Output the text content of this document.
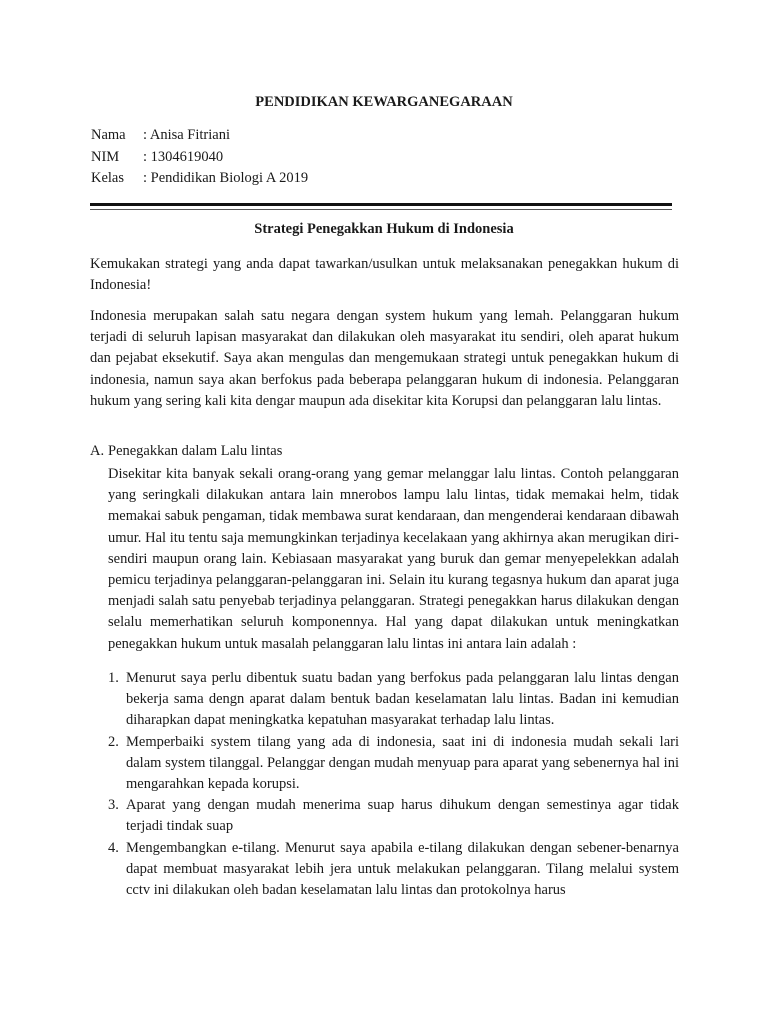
PENDIDIKAN KEWARGANEGARAAN
Nama : Anisa Fitriani
NIM : 1304619040
Kelas : Pendidikan Biologi A 2019
Strategi Penegakkan Hukum di Indonesia

Kemukakan strategi yang anda dapat tawarkan/usulkan untuk melaksanakan penegakkan hukum di Indonesia!

Indonesia merupakan salah satu negara dengan system hukum yang lemah. Pelanggaran hukum terjadi di seluruh lapisan masyarakat dan dilakukan oleh masyarakat itu sendiri, oleh aparat hukum dan pejabat eksekutif. Saya akan mengulas dan mengemukaan strategi untuk penegakkan hukum di indonesia, namun saya akan berfokus pada beberapa pelanggaran hukum di indonesia. Pelanggaran hukum yang sering kali kita dengar maupun ada disekitar kita Korupsi dan pelanggaran lalu lintas.

A. Penegakkan dalam Lalu lintas

Disekitar kita banyak sekali orang-orang yang gemar melanggar lalu lintas. Contoh pelanggaran yang seringkali dilakukan antara lain mnerobos lampu lalu lintas, tidak memakai helm, tidak memakai sabuk pengaman, tidak membawa surat kendaraan, dan mengenderai kendaraan dibawah umur. Hal itu tentu saja memungkinkan terjadinya kecelakaan yang akhirnya akan merugikan diri-sendiri maupun orang lain. Kebiasaan masyarakat yang buruk dan gemar menyepelekkan adalah pemicu terjadinya pelanggaran-pelanggaran ini. Selain itu kurang tegasnya hukum dan aparat juga menjadi salah satu penyebab terjadinya pelanggaran. Strategi penegakkan harus dilakukan dengan selalu memerhatikan seluruh komponennya. Hal yang dapat dilakukan untuk meningkatkan penegakkan hukum untuk masalah pelanggaran lalu lintas ini antara lain adalah :

1. Menurut saya perlu dibentuk suatu badan yang berfokus pada pelanggaran lalu lintas dengan bekerja sama dengn aparat dalam bentuk badan keselamatan lalu lintas. Badan ini kemudian diharapkan dapat meningkatka kepatuhan masyarakat terhadap lalu lintas.
2. Memperbaiki system tilang yang ada di indonesia, saat ini di indonesia mudah sekali lari dalam system tilanggal. Pelanggar dengan mudah menyuap para aparat yang sebenernya hal ini mengarahkan kepada korupsi.
3. Aparat yang dengan mudah menerima suap harus dihukum dengan semestinya agar tidak terjadi tindak suap
4. Mengembangkan e-tilang. Menurut saya apabila e-tilang dilakukan dengan sebener-benarnya dapat membuat masyarakat lebih jera untuk melakukan pelanggaran. Tilang melalui system cctv ini dilakukan oleh badan keselamatan lalu lintas dan protokolnya harus
